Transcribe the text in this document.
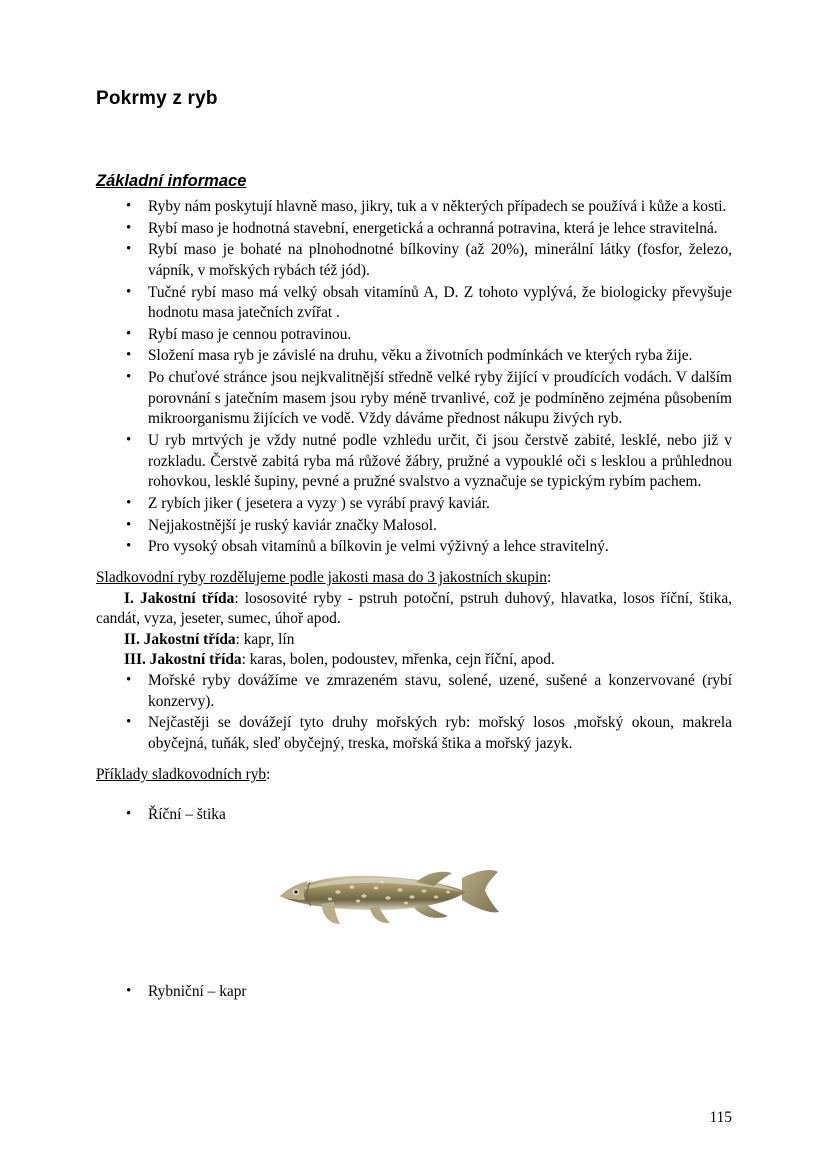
Pokrmy z ryb
Základní informace
• Ryby nám poskytují hlavně maso, jikry, tuk a v některých případech se používá i kůže a kosti.
• Rybí maso je hodnotná stavební, energetická a ochranná potravina, která je lehce stravitelná.
• Rybí maso je bohaté na plnohodnotné bílkoviny (až 20%), minerální látky (fosfor, železo, vápník, v mořských rybách též jód).
• Tučné rybí maso má velký obsah vitamínů A, D. Z tohoto vyplývá, že biologicky převyšuje hodnotu masa jatečních zvířat .
• Rybí maso je cennou potravinou.
• Složení masa ryb je závislé na druhu, věku a životních podmínkách ve kterých ryba žije.
• Po chuťové stránce jsou nejkvalitnější středně velké ryby žijící v proudících vodách. V dalším porovnání s jatečním masem jsou ryby méně trvanlivé, což je podmíněno zejména působením mikroorganismu žijících ve vodě. Vždy dáváme přednost nákupu živých ryb.
• U ryb mrtvých je vždy nutné podle vzhledu určit, či jsou čerstvě zabité, lesklé, nebo již v rozkladu. Čerstvě zabitá ryba má růžové žábry, pružné a vypouklé oči s lesklou a průhlednou rohovkou, lesklé šupiny, pevné a pružné svalstvo a vyznačuje se typickým rybím pachem.
• Z rybích jiker ( jesetera a vyzy ) se vyrábí pravý kaviár.
• Nejjakostnější je ruský kaviár značky Malosol.
• Pro vysoký obsah vitamínů a bílkovin je velmi výživný a lehce stravitelný.

Sladkovodní ryby rozdělujeme podle jakosti masa do 3 jakostních skupin:

I. Jakostní třída: lososovité ryby - pstruh potoční, pstruh duhový, hlavatka, losos říční, štika, candát, vyza, jeseter, sumec, úhoř apod.

II. Jakostní třída: kapr, lín

III. Jakostní třída: karas, bolen, podoustev, mřenka, cejn říční, apod.

• Mořské ryby dovážíme ve zmrazeném stavu, solené, uzené, sušené a konzervované (rybí konzervy).
• Nejčastěji se dovážejí tyto druhy mořských ryb: mořský losos ,mořský okoun, makrela obyčejná, tuňák, sleď obyčejný, treska, mořská štika a mořský jazyk.

Příklady sladkovodních ryb:

• Říční – štika
• Rybniční – kapr
115
